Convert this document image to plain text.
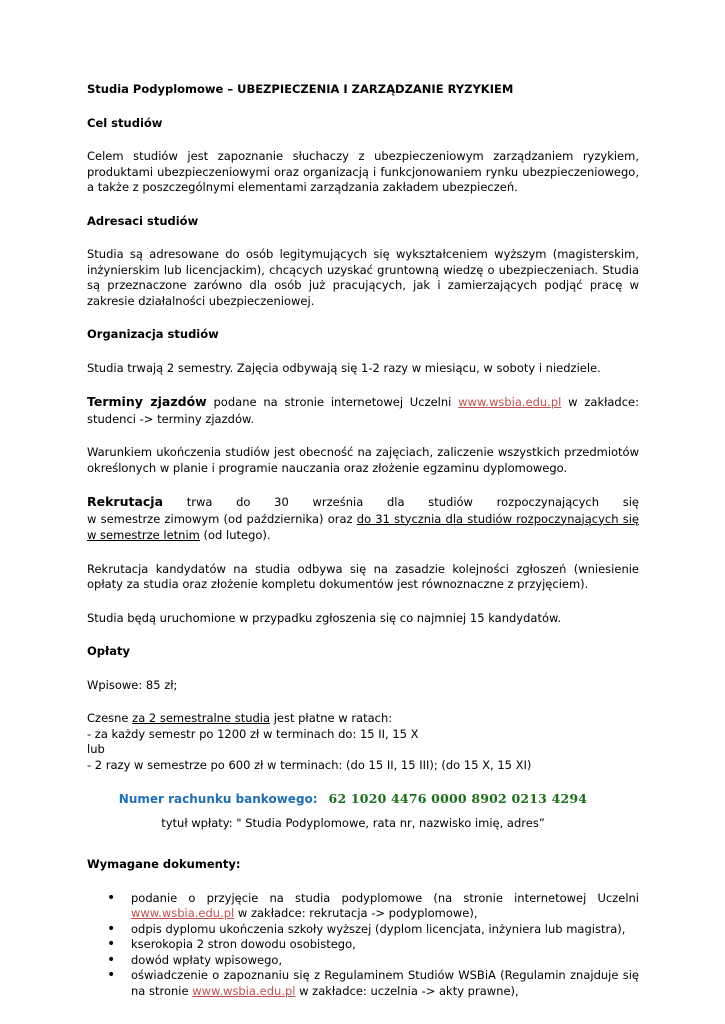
Studia Podyplomowe – UBEZPIECZENIA I ZARZĄDZANIE RYZYKIEM

Cel studiów

Celem studiów jest zapoznanie słuchaczy z ubezpieczeniowym zarządzaniem ryzykiem, produktami ubezpieczeniowymi oraz organizacją i funkcjonowaniem rynku ubezpieczeniowego, a także z poszczególnymi elementami zarządzania zakładem ubezpieczeń.

Adresaci studiów

Studia są adresowane do osób legitymujących się wykształceniem wyższym (magisterskim, inżynierskim lub licencjackim), chcących uzyskać gruntowną wiedzę o ubezpieczeniach. Studia są przeznaczone zarówno dla osób już pracujących, jak i zamierzających podjąć pracę w zakresie działalności ubezpieczeniowej.

Organizacja studiów

Studia trwają 2 semestry. Zajęcia odbywają się 1-2 razy w miesiącu, w soboty i niedziele.

Terminy zjazdów podane na stronie internetowej Uczelni www.wsbia.edu.pl w zakładce: studenci -> terminy zjazdów.

Warunkiem ukończenia studiów jest obecność na zajęciach, zaliczenie wszystkich przedmiotów określonych w planie i programie nauczania oraz złożenie egzaminu dyplomowego.

Rekrutacja trwa do 30 września dla studiów rozpoczynających się

w semestrze zimowym (od października) oraz do 31 stycznia dla studiów rozpoczynających się w semestrze letnim (od lutego).

Rekrutacja kandydatów na studia odbywa się na zasadzie kolejności zgłoszeń (wniesienie opłaty za studia oraz złożenie kompletu dokumentów jest równoznaczne z przyjęciem).

Studia będą uruchomione w przypadku zgłoszenia się co najmniej 15 kandydatów.

Opłaty

Wpisowe: 85 zł;

Czesne za 2 semestralne studia jest płatne w ratach:

- za każdy semestr po 1200 zł w terminach do: 15 II, 15 X

lub

- 2 razy w semestrze po 600 zł w terminach: (do 15 II, 15 III); (do 15 X, 15 XI)

Numer rachunku bankowego: 62 1020 4476 0000 8902 0213 4294

tytuł wpłaty: " Studia Podyplomowe, rata nr, nazwisko imię, adres”

Wymagane dokumenty:

• podanie o przyjęcie na studia podyplomowe (na stronie internetowej Uczelni www.wsbia.edu.pl w zakładce: rekrutacja -> podyplomowe),
• odpis dyplomu ukończenia szkoły wyższej (dyplom licencjata, inżyniera lub magistra),
• kserokopia 2 stron dowodu osobistego,
• dowód wpłaty wpisowego,
• oświadczenie o zapoznaniu się z Regulaminem Studiów WSBiA (Regulamin znajduje się na stronie www.wsbia.edu.pl w zakładce: uczelnia -> akty prawne),
